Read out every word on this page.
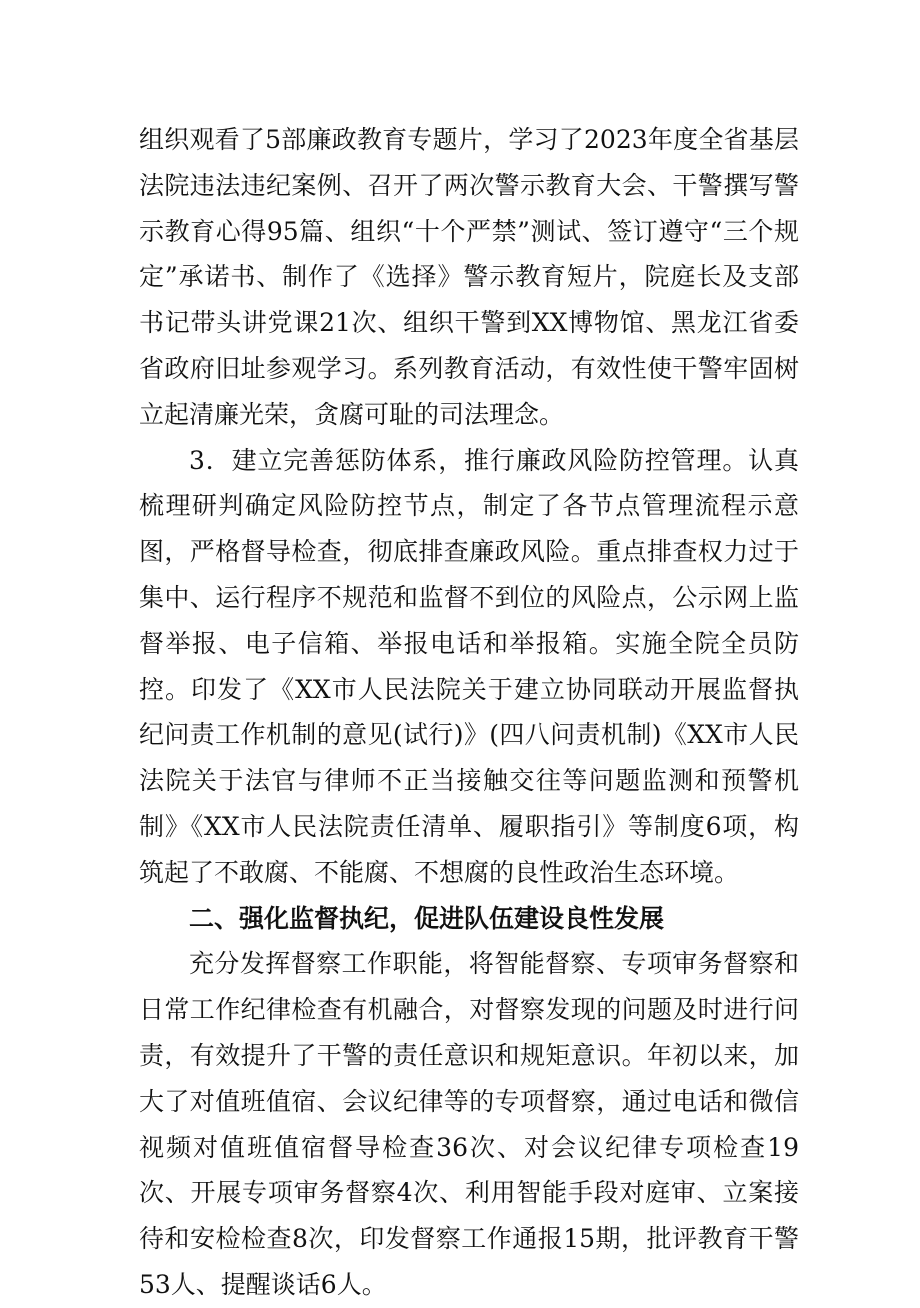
组织观看了5部廉政教育专题片，学习了2023年度全省基层法院违法违纪案例、召开了两次警示教育大会、干警撰写警示教育心得95篇、组织“十个严禁”测试、签订遵守“三个规定”承诺书、制作了《选择》警示教育短片，院庭长及支部书记带头讲党课21次、组织干警到XX博物馆、黑龙江省委省政府旧址参观学习。系列教育活动，有效性使干警牢固树立起清廉光荣，贪腐可耻的司法理念。

3．建立完善惩防体系，推行廉政风险防控管理。认真梳理研判确定风险防控节点，制定了各节点管理流程示意图，严格督导检查，彻底排查廉政风险。重点排查权力过于集中、运行程序不规范和监督不到位的风险点，公示网上监督举报、电子信箱、举报电话和举报箱。实施全院全员防控。印发了《XX市人民法院关于建立协同联动开展监督执纪问责工作机制的意见(试行)》(四八问责机制)《XX市人民法院关于法官与律师不正当接触交往等问题监测和预警机制》《XX市人民法院责任清单、履职指引》等制度6项，构筑起了不敢腐、不能腐、不想腐的良性政治生态环境。

二、强化监督执纪，促进队伍建设良性发展

充分发挥督察工作职能，将智能督察、专项审务督察和日常工作纪律检查有机融合，对督察发现的问题及时进行问责，有效提升了干警的责任意识和规矩意识。年初以来，加大了对值班值宿、会议纪律等的专项督察，通过电话和微信视频对值班值宿督导检查36次、对会议纪律专项检查19次、开展专项审务督察4次、利用智能手段对庭审、立案接待和安检检查8次，印发督察工作通报15期，批评教育干警53人、提醒谈话6人。
